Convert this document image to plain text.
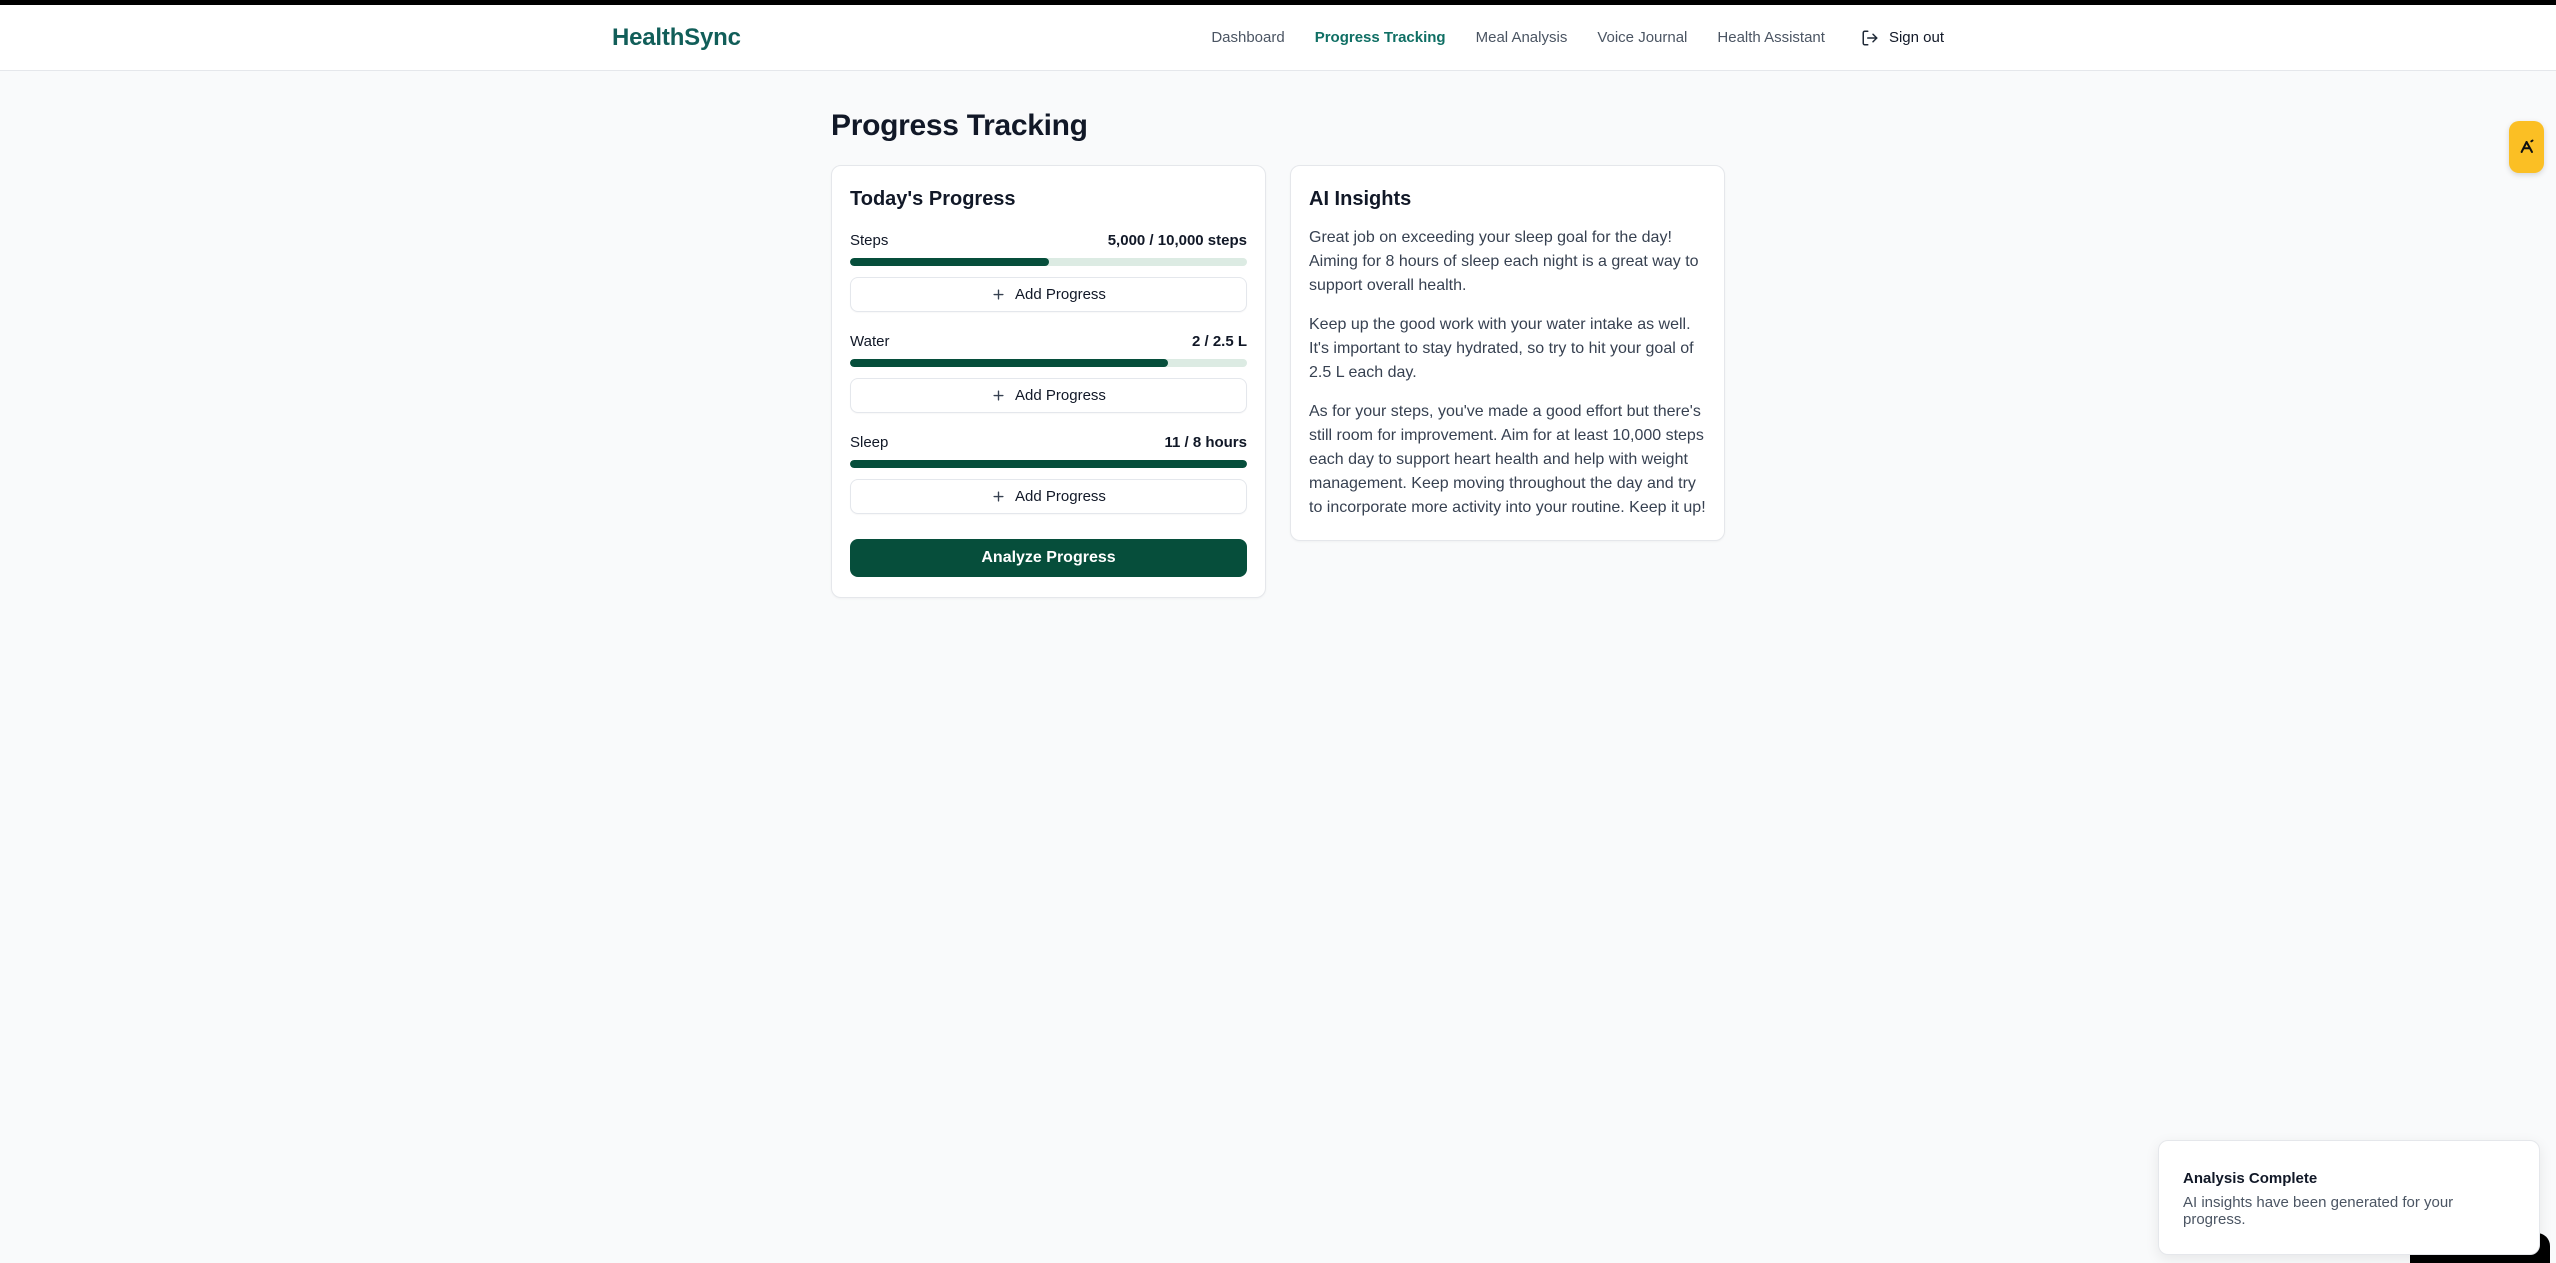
HealthSync	Dashboard Progress Tracking Meal Analysis Voice Journal Health Assistant	Sign out
Progress Tracking
Today's Progress
Steps	5,000 / 10,000 steps
Add Progress
Water	2 / 2.5 L
Add Progress
Sleep	11 / 8 hours
Add Progress
Analyze Progress
AI Insights

Great job on exceeding your sleep goal for the day! Aiming for 8 hours of sleep each night is a great way to support overall health.

Keep up the good work with your water intake as well. It's important to stay hydrated, so try to hit your goal of 2.5 L each day.

As for your steps, you've made a good effort but there's still room for improvement. Aim for at least 10,000 steps each day to support heart health and help with weight management. Keep moving throughout the day and try to incorporate more activity into your routine. Keep it up!

Analysis Complete
AI insights have been generated for your progress.
